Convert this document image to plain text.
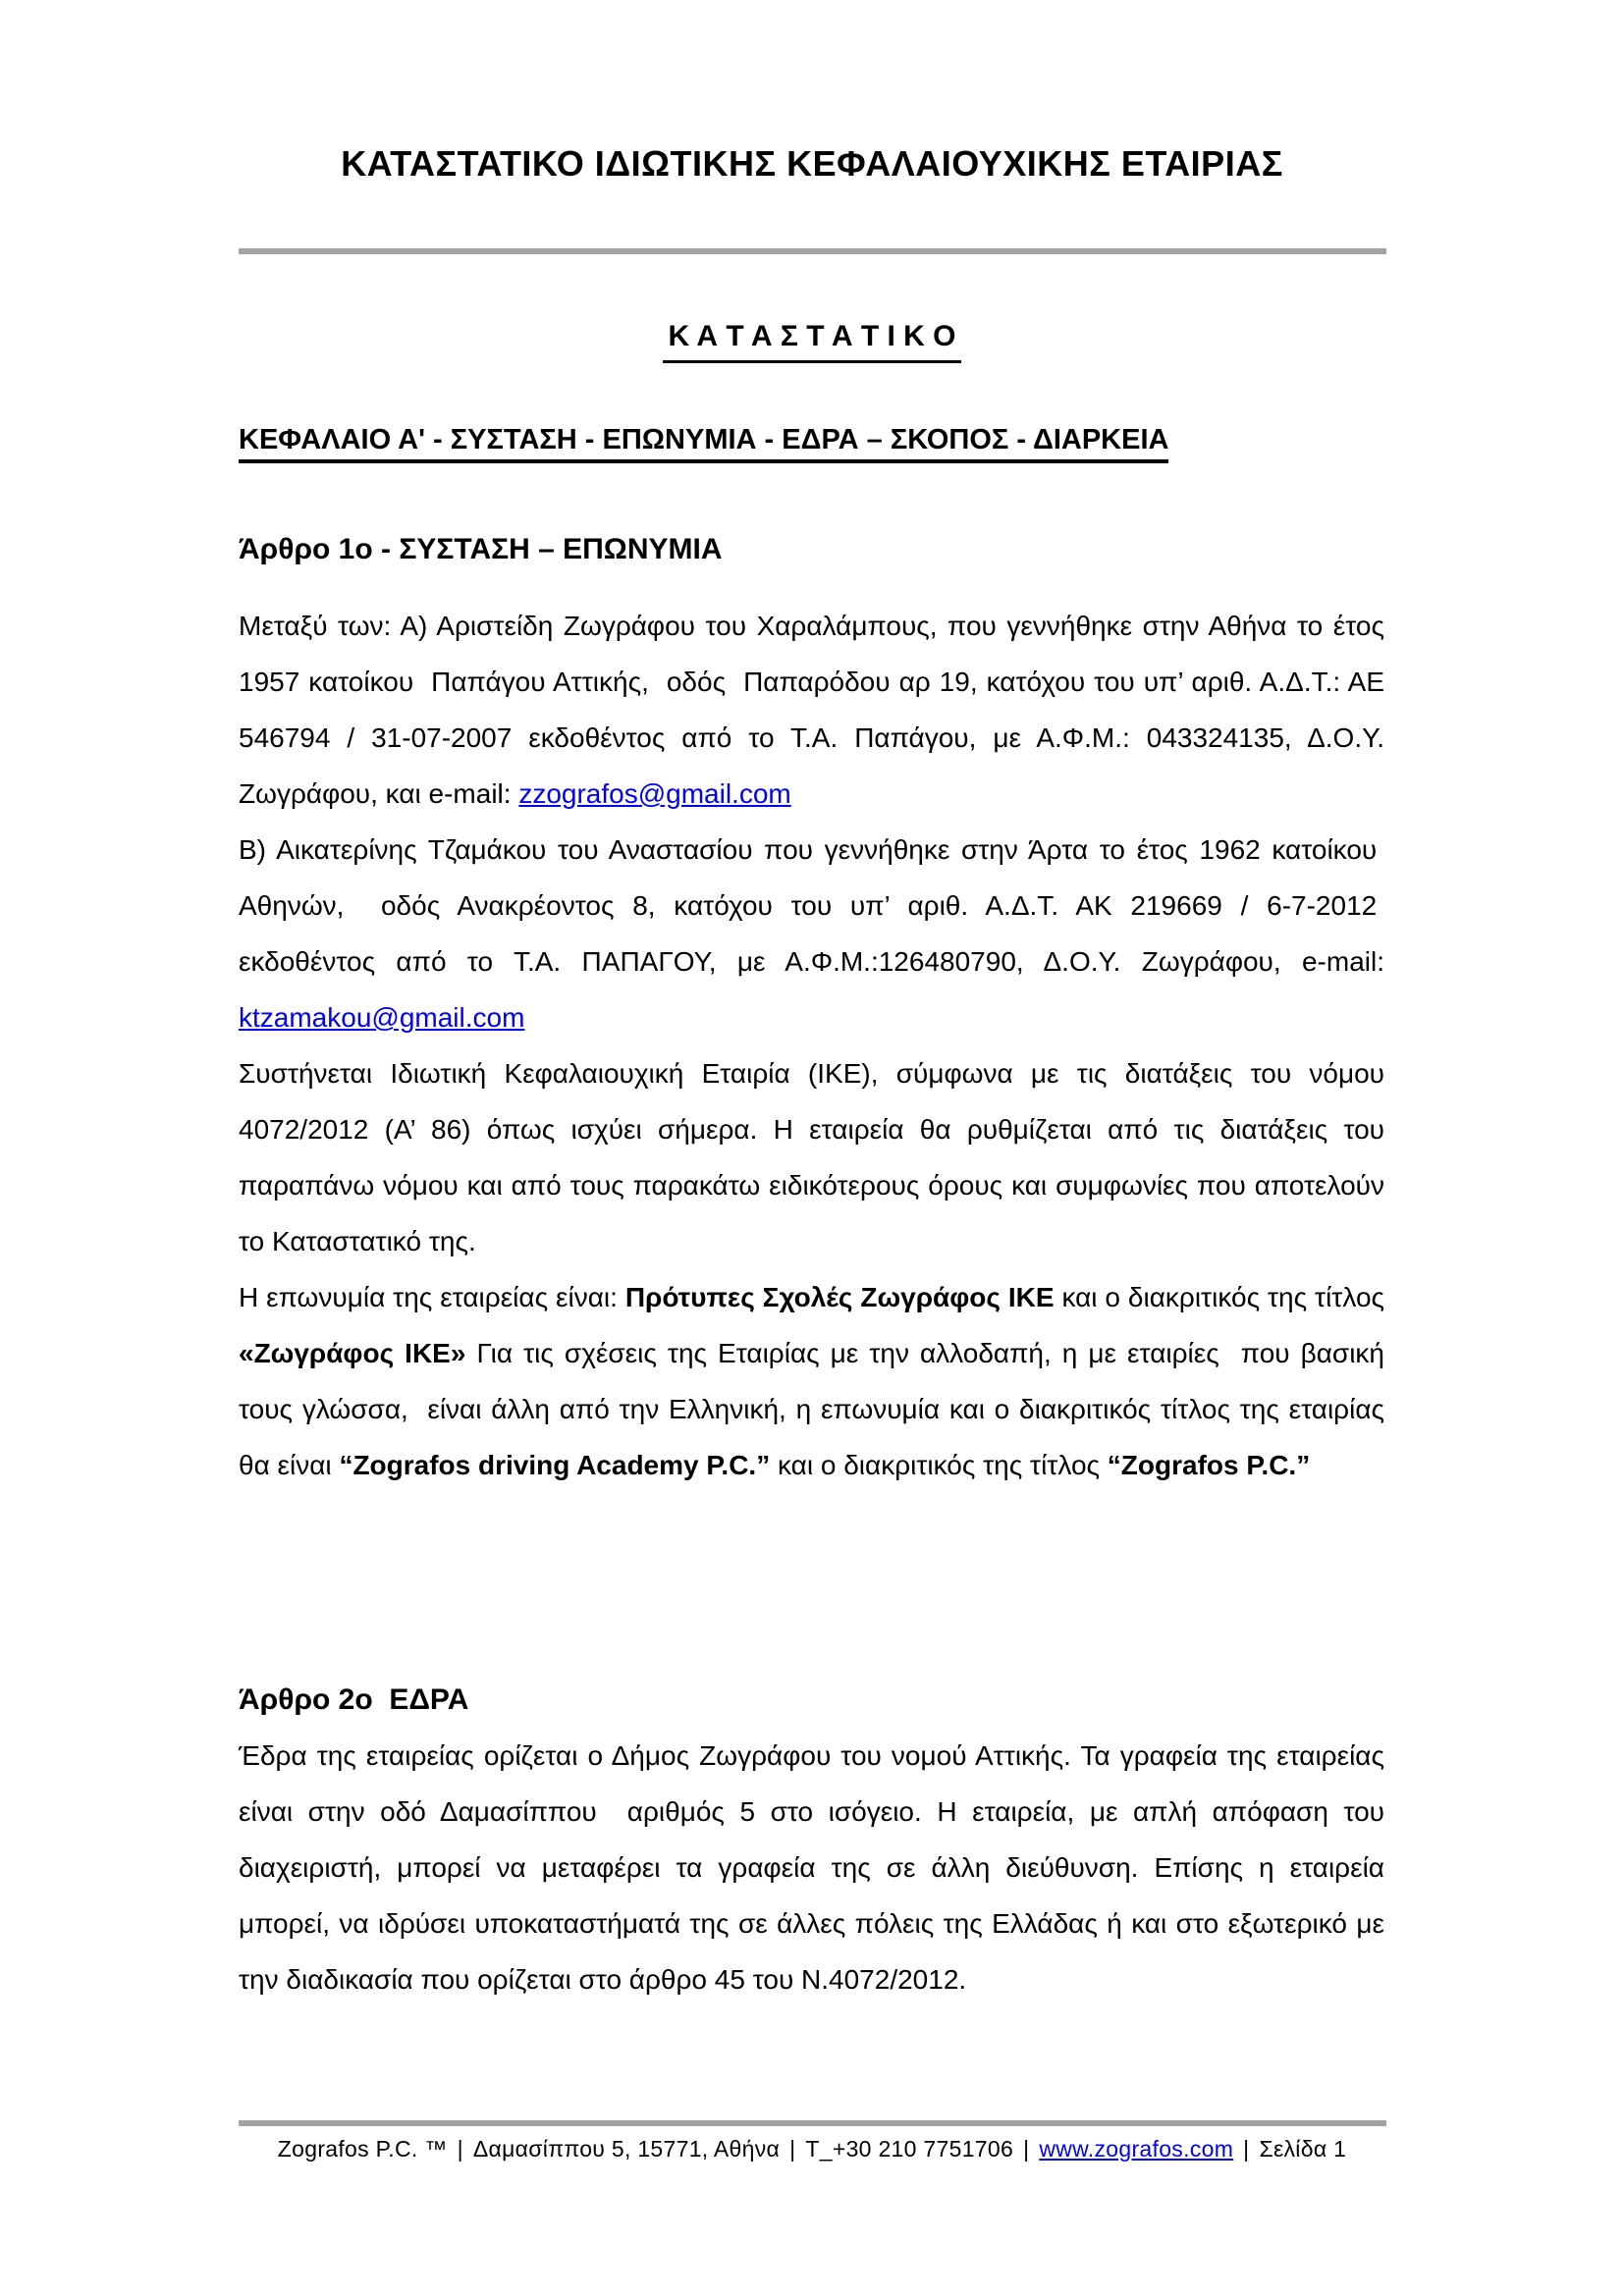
ΚΑΤΑΣΤΑΤΙΚΟ ΙΔΙΩΤΙΚΗΣ ΚΕΦΑΛΑΙΟΥΧΙΚΗΣ ΕΤΑΙΡΙΑΣ
Κ Α Τ Α Σ Τ Α Τ Ι Κ Ο
ΚΕΦΑΛΑΙΟ Α' - ΣΥΣΤΑΣΗ - ΕΠΩΝΥΜΙΑ - ΕΔΡΑ – ΣΚΟΠΟΣ - ΔΙΑΡΚΕΙΑ
Άρθρο 1ο - ΣΥΣΤΑΣΗ – ΕΠΩΝΥΜΙΑ

Μεταξύ των: Α) Αριστείδη Ζωγράφου του Χαραλάμπους, που γεννήθηκε στην Αθήνα το έτος 1957 κατοίκου  Παπάγου Αττικής,  οδός  Παπαρόδου αρ 19, κατόχου του υπ’ αριθ. Α.Δ.Τ.: ΑΕ 546794 / 31-07-2007 εκδοθέντος από το Τ.Α. Παπάγου, με Α.Φ.Μ.: 043324135, Δ.Ο.Υ. Ζωγράφου, και e-mail: zzografos@gmail.com

Β) Αικατερίνης Τζαμάκου του Αναστασίου που γεννήθηκε στην Άρτα το έτος 1962 κατοίκου  Αθηνών,  οδός Ανακρέοντος 8, κατόχου του υπ’ αριθ. Α.Δ.Τ. ΑΚ 219669 / 6-7-2012  εκδοθέντος από το Τ.Α. ΠΑΠΑΓΟΥ, με Α.Φ.Μ.:126480790, Δ.Ο.Υ. Ζωγράφου, e-mail: ktzamakou@gmail.com

Συστήνεται Ιδιωτική Κεφαλαιουχική Εταιρία (ΙΚΕ), σύμφωνα με τις διατάξεις του νόμου 4072/2012 (Α’ 86) όπως ισχύει σήμερα. Η εταιρεία θα ρυθμίζεται από τις διατάξεις του παραπάνω νόμου και από τους παρακάτω ειδικότερους όρους και συμφωνίες που αποτελούν το Καταστατικό της.

Η επωνυμία της εταιρείας είναι: Πρότυπες Σχολές Ζωγράφος ΙΚΕ και ο διακριτικός της τίτλος «Ζωγράφος ΙΚΕ» Για τις σχέσεις της Εταιρίας με την αλλοδαπή, η με εταιρίες  που βασική τους γλώσσα,  είναι άλλη από την Ελληνική, η επωνυμία και ο διακριτικός τίτλος της εταιρίας θα είναι “Zografos driving Academy P.C.” και ο διακριτικός της τίτλος “Zografos P.C.”

Άρθρο 2ο  ΕΔΡΑ

Έδρα της εταιρείας ορίζεται ο Δήμος Ζωγράφου του νομού Αττικής. Τα γραφεία της εταιρείας είναι στην οδό Δαμασίππου  αριθμός 5 στο ισόγειο. Η εταιρεία, με απλή απόφαση του διαχειριστή, μπορεί να μεταφέρει τα γραφεία της σε άλλη διεύθυνση. Επίσης η εταιρεία μπορεί, να ιδρύσει υποκαταστήματά της σε άλλες πόλεις της Ελλάδας ή και στο εξωτερικό με την διαδικασία που ορίζεται στο άρθρο 45 του Ν.4072/2012.

Zografos P.C. ™ | Δαμασίππου 5, 15771, Αθήνα | T_+30 210 7751706 | www.zografos.com | Σελίδα 1
